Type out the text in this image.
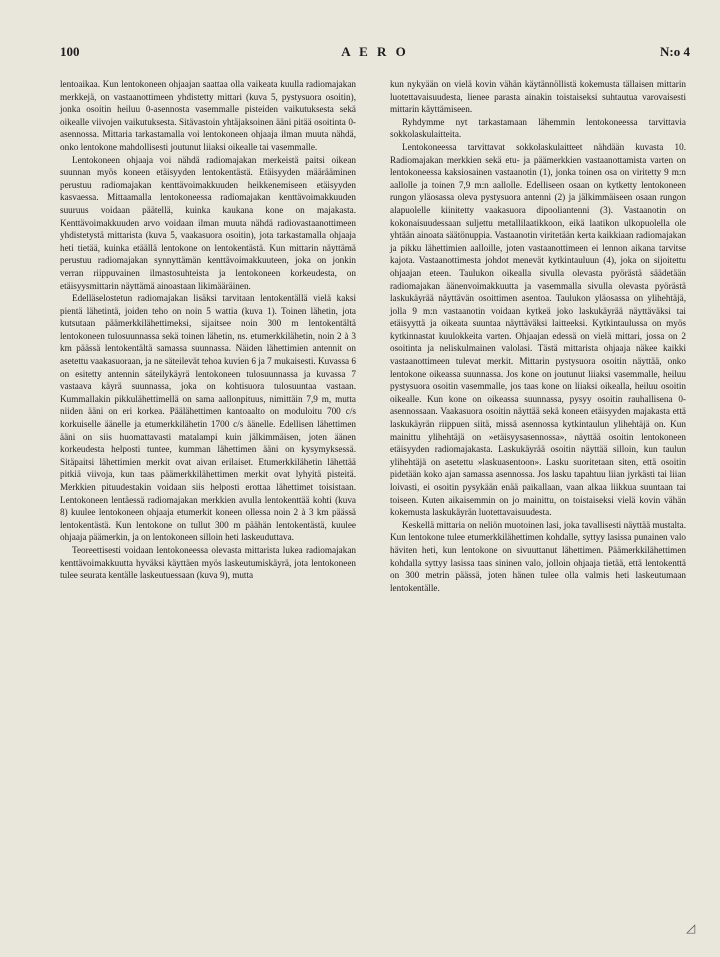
100	A E R O	N:o 4

lentoaikaa. Kun lentokoneen ohjaajan saattaa olla vaikeata kuulla radiomajakan merkkejä, on vastaanottimeen yhdistetty mittari (kuva 5, pystysuora osoitin), jonka osoitin heiluu 0-asennosta vasemmalle pisteiden vaikutuksesta sekä oikealle viivojen vaikutuksesta. Sitävastoin yhtäjaksoinen ääni pitää osoitinta 0-asennossa. Mittaria tarkastamalla voi lentokoneen ohjaaja ilman muuta nähdä, onko lentokone mahdollisesti joutunut liiaksi oikealle tai vasemmalle.

Lentokoneen ohjaaja voi nähdä radiomajakan merkeistä paitsi oikean suunnan myös koneen etäisyyden lentokentästä. Etäisyyden määrääminen perustuu radiomajakan kenttävoimakkuuden heikkenemiseen etäisyyden kasvaessa. Mittaamalla lentokoneessa radiomajakan kenttävoimakkuuden suuruus voidaan päätellä, kuinka kaukana kone on majakasta. Kenttävoimakkuuden arvo voidaan ilman muuta nähdä radiovastaanottimeen yhdistetystä mittarista (kuva 5, vaakasuora osoitin), jota tarkastamalla ohjaaja heti tietää, kuinka etäällä lentokone on lentokentästä. Kun mittarin näyttämä perustuu radiomajakan synnyttämän kenttävoimakkuuteen, joka on jonkin verran riippuvainen ilmastosuhteista ja lentokoneen korkeudesta, on etäisyysmittarin näyttämä ainoastaan likimääräinen.

Edelläselostetun radiomajakan lisäksi tarvitaan lentokentällä vielä kaksi pientä lähetintä, joiden teho on noin 5 wattia (kuva 1). Toinen lähetin, jota kutsutaan päämerkkilähettimeksi, sijaitsee noin 300 m lentokentältä lentokoneen tulosuunnassa sekä toinen lähetin, ns. etumerkkilähetin, noin 2 à 3 km päässä lentokentältä samassa suunnassa. Näiden lähettimien antennit on asetettu vaakasuoraan, ja ne säteilevät tehoa kuvien 6 ja 7 mukaisesti. Kuvassa 6 on esitetty antennin säteilykäyrä lentokoneen tulosuunnassa ja kuvassa 7 vastaava käyrä suunnassa, joka on kohtisuora tulosuuntaa vastaan. Kummallakin pikkulähettimellä on sama aallonpituus, nimittäin 7,9 m, mutta niiden ääni on eri korkea. Päälähettimen kantoaalto on moduloitu 700 c/s korkuiselle äänelle ja etumerkkilähetin 1700 c/s äänelle. Edellisen lähettimen ääni on siis huomattavasti matalampi kuin jälkimmäisen, joten äänen korkeudesta helposti tuntee, kumman lähettimen ääni on kysymyksessä. Sitäpaitsi lähettimien merkit ovat aivan erilaiset. Etumerkkilähetin lähettää pitkiä viivoja, kun taas päämerkkilähettimen merkit ovat lyhyitä pisteitä. Merkkien pituudestakin voidaan siis helposti erottaa lähettimet toisistaan. Lentokoneen lentäessä radiomajakan merkkien avulla lentokenttää kohti (kuva 8) kuulee lentokoneen ohjaaja etumerkit koneen ollessa noin 2 à 3 km päässä lentokentästä. Kun lentokone on tullut 300 m päähän lentokentästä, kuulee ohjaaja päämerkin, ja on lentokoneen silloin heti laskeuduttava.

Teoreettisesti voidaan lentokoneessa olevasta mittarista lukea radiomajakan kenttävoimakkuutta hyväksi käyttäen myös laskeutumiskäyrä, jota lentokoneen tulee seurata kentälle laskeutuessaan (kuva 9), mutta

kun nykyään on vielä kovin vähän käytännöllistä kokemusta tällaisen mittarin luotettavaisuudesta, lienee parasta ainakin toistaiseksi suhtautua varovaisesti mittarin käyttämiseen.

Ryhdymme nyt tarkastamaan lähemmin lentokoneessa tarvittavia sokkolaskulaitteita.

Lentokoneessa tarvittavat sokkolaskulaitteet nähdään kuvasta 10. Radiomajakan merkkien sekä etu- ja päämerkkien vastaanottamista varten on lentokoneessa kaksiosainen vastaanotin (1), jonka toinen osa on viritetty 9 m:n aallolle ja toinen 7,9 m:n aallolle. Edelliseen osaan on kytketty lentokoneen rungon yläosassa oleva pystysuora antenni (2) ja jälkimmäiseen osaan rungon alapuolelle kiinitetty vaakasuora dipooliantenni (3). Vastaanotin on kokonaisuudessaan suljettu metallilaatikkoon, eikä laatikon ulkopuolella ole yhtään ainoata säätönuppia. Vastaanotin viritetään kerta kaikkiaan radiomajakan ja pikku lähettimien aalloille, joten vastaanottimeen ei lennon aikana tarvitse kajota. Vastaanottimesta johdot menevät kytkintauluun (4), joka on sijoitettu ohjaajan eteen. Taulukon oikealla sivulla olevasta pyörästä säädetään radiomajakan äänenvoimakkuutta ja vasemmalla sivulla olevasta pyörästä laskukäyrää näyttävän osoittimen asentoa. Taulukon yläosassa on ylihehtäjä, jolla 9 m:n vastaanotin voidaan kytkeä joko laskukäyrää näyttäväksi tai etäisyyttä ja oikeata suuntaa näyttäväksi laitteeksi. Kytkintaulussa on myös kytkinnastat kuulokkeita varten. Ohjaajan edessä on vielä mittari, jossa on 2 osoitinta ja neliskulmainen valolasi. Tästä mittarista ohjaaja näkee kaikki vastaanottimeen tulevat merkit. Mittarin pystysuora osoitin näyttää, onko lentokone oikeassa suunnassa. Jos kone on joutunut liiaksi vasemmalle, heiluu pystysuora osoitin vasemmalle, jos taas kone on liiaksi oikealla, heiluu osoitin oikealle. Kun kone on oikeassa suunnassa, pysyy osoitin rauhallisena 0-asennossaan. Vaakasuora osoitin näyttää sekä koneen etäisyyden majakasta että laskukäyrän riippuen siitä, missä asennossa kytkintaulun ylihehtäjä on. Kun mainittu ylihehtäjä on »etäisyysasennossa», näyttää osoitin lentokoneen etäisyyden radiomajakasta. Laskukäyrää osoitin näyttää silloin, kun taulun ylihehtäjä on asetettu »laskuasentoon». Lasku suoritetaan siten, että osoitin pidetään koko ajan samassa asennossa. Jos lasku tapahtuu liian jyrkästi tai liian loivasti, ei osoitin pysykään enää paikallaan, vaan alkaa liikkua suuntaan tai toiseen. Kuten aikaisemmin on jo mainittu, on toistaiseksi vielä kovin vähän kokemusta laskukäyrän luotettavaisuudesta.

Keskellä mittaria on neliön muotoinen lasi, joka tavallisesti näyttää mustalta. Kun lentokone tulee etumerkkilähettimen kohdalle, syttyy lasissa punainen valo häviten heti, kun lentokone on sivuuttanut lähettimen. Päämerkkilähettimen kohdalla syttyy lasissa taas sininen valo, jolloin ohjaaja tietää, että lentokenttä on 300 metrin päässä, joten hänen tulee olla valmis heti laskeutumaan lentokentälle.

◿
